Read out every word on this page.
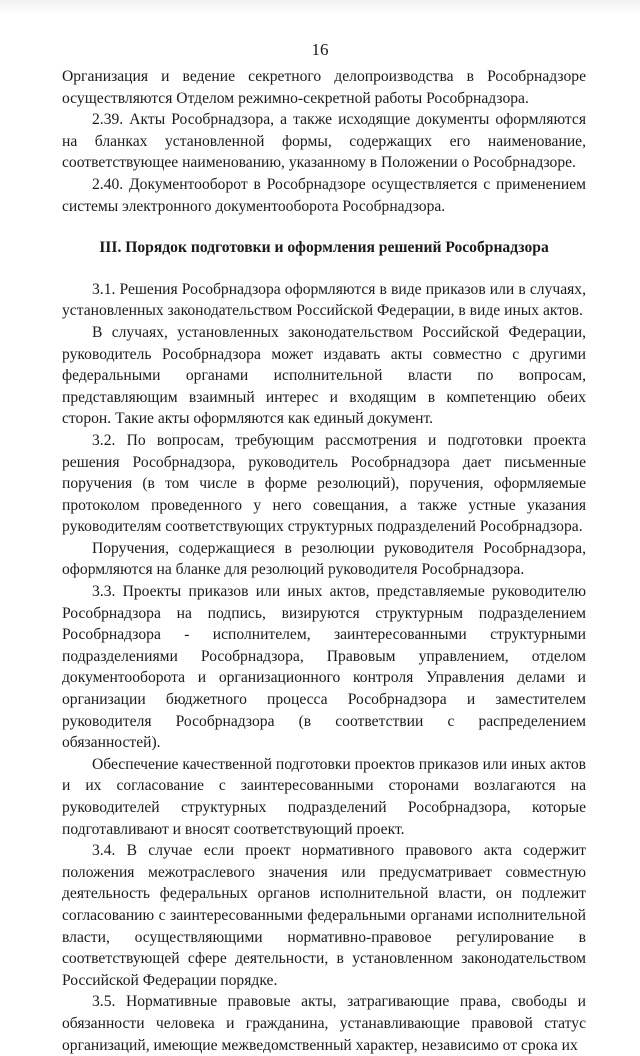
16

Организация и ведение секретного делопроизводства в Рособрнадзоре осуществляются Отделом режимно-секретной работы Рособрнадзора.

2.39. Акты Рособрнадзора, а также исходящие документы оформляются на бланках установленной формы, содержащих его наименование, соответствующее наименованию, указанному в Положении о Рособрнадзоре.

2.40. Документооборот в Рособрнадзоре осуществляется с применением системы электронного документооборота Рособрнадзора.

III. Порядок подготовки и оформления решений Рособрнадзора

3.1. Решения Рособрнадзора оформляются в виде приказов или в случаях, установленных законодательством Российской Федерации, в виде иных актов.

В случаях, установленных законодательством Российской Федерации, руководитель Рособрнадзора может издавать акты совместно с другими федеральными органами исполнительной власти по вопросам, представляющим взаимный интерес и входящим в компетенцию обеих сторон. Такие акты оформляются как единый документ.

3.2. По вопросам, требующим рассмотрения и подготовки проекта решения Рособрнадзора, руководитель Рособрнадзора дает письменные поручения (в том числе в форме резолюций), поручения, оформляемые протоколом проведенного у него совещания, а также устные указания руководителям соответствующих структурных подразделений Рособрнадзора.

Поручения, содержащиеся в резолюции руководителя Рособрнадзора, оформляются на бланке для резолюций руководителя Рособрнадзора.

3.3. Проекты приказов или иных актов, представляемые руководителю Рособрнадзора на подпись, визируются структурным подразделением Рособрнадзора - исполнителем, заинтересованными структурными подразделениями Рособрнадзора, Правовым управлением, отделом документооборота и организационного контроля Управления делами и организации бюджетного процесса Рособрнадзора и заместителем руководителя Рособрнадзора (в соответствии с распределением обязанностей).

Обеспечение качественной подготовки проектов приказов или иных актов и их согласование с заинтересованными сторонами возлагаются на руководителей структурных подразделений Рособрнадзора, которые подготавливают и вносят соответствующий проект.

3.4. В случае если проект нормативного правового акта содержит положения межотраслевого значения или предусматривает совместную деятельность федеральных органов исполнительной власти, он подлежит согласованию с заинтересованными федеральными органами исполнительной власти, осуществляющими нормативно-правовое регулирование в соответствующей сфере деятельности, в установленном законодательством Российской Федерации порядке.

3.5. Нормативные правовые акты, затрагивающие права, свободы и обязанности человека и гражданина, устанавливающие правовой статус организаций, имеющие межведомственный характер, независимо от срока их
